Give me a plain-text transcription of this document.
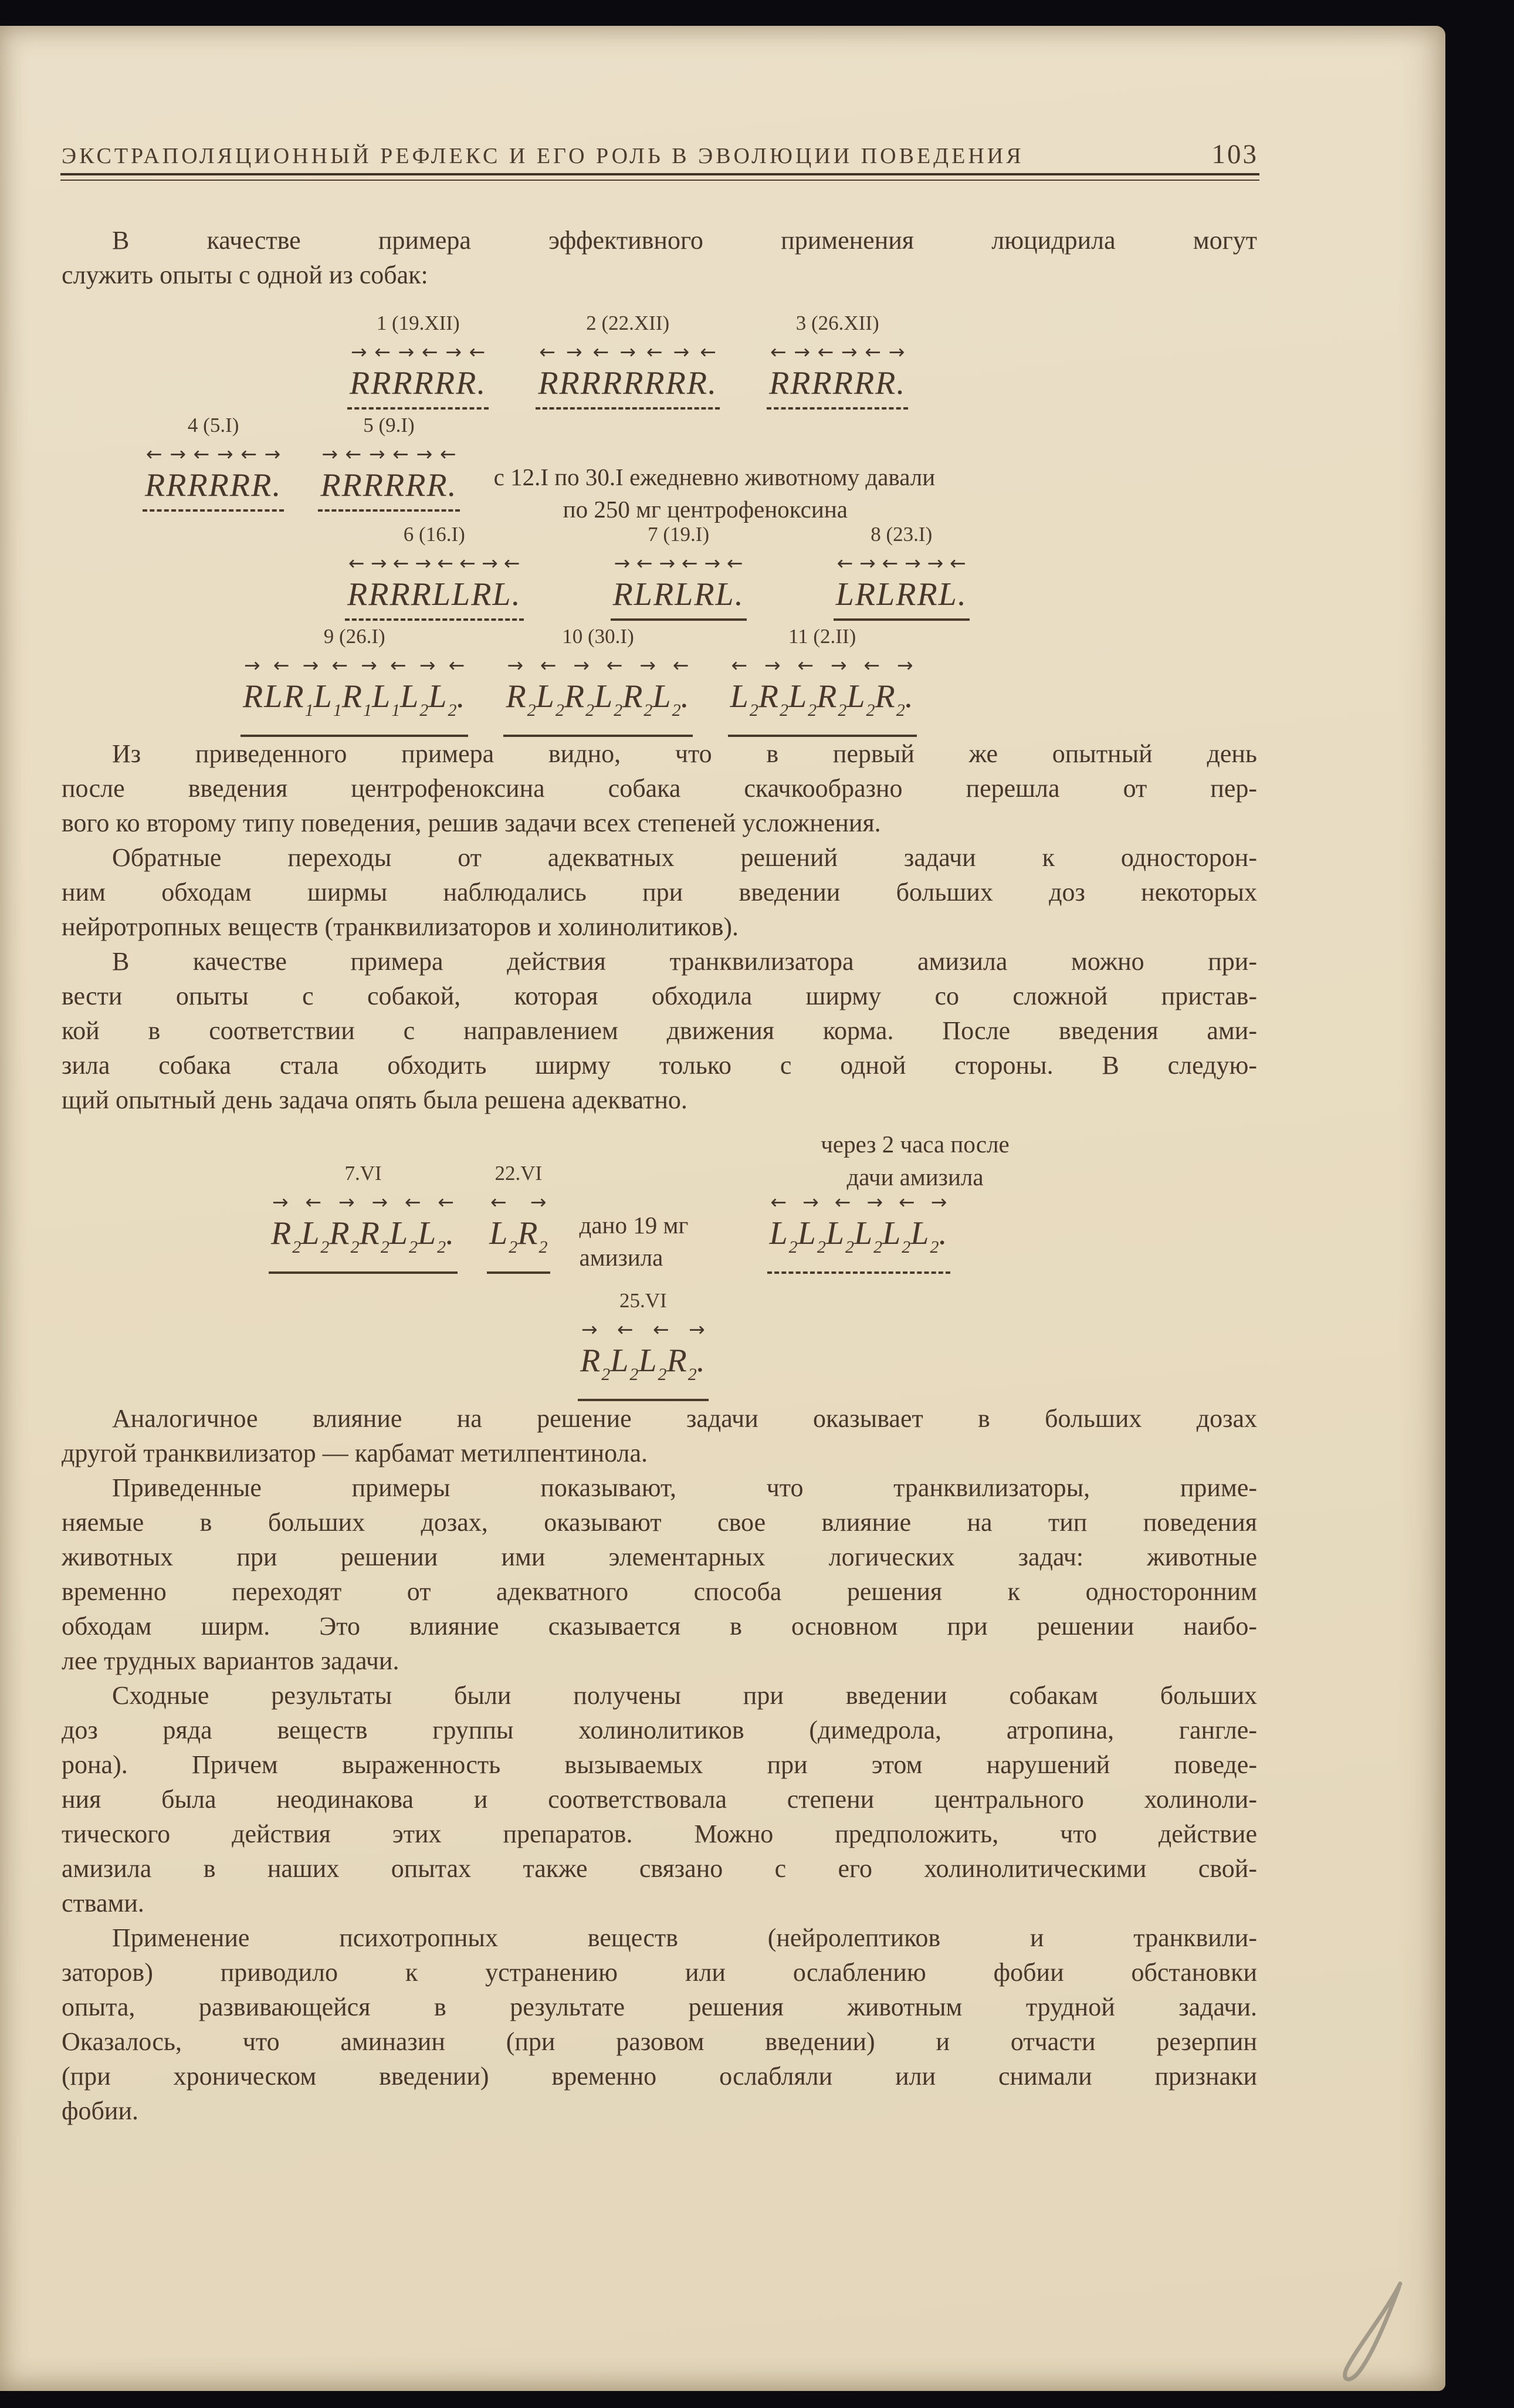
ЭКСТРАПОЛЯЦИОННЫЙ РЕФЛЕКС И ЕГО РОЛЬ В ЭВОЛЮЦИИ ПОВЕДЕНИЯ	103
В качестве примера эффективного применения люцидрила могут
служить опыты с одной из собак:
1 (19.XII)
→ ← → ← → ←
RRRRRR.
2 (22.XII)
← → ← → ← → ←
RRRRRRRR.
3 (26.XII)
← → ← → ← →
RRRRRR.
4 (5.I)
← → ← → ← →
RRRRRR.
5 (9.I)
→ ← → ← → ←
RRRRRR. с 12.I по 30.I ежедневно животному давали
по 250 мг центрофеноксина
6 (16.I)
← → ← → ← ← → ←
RRRRLLRL.
7 (19.I)
→ ← → ← → ←
RLRLRL.
8 (23.I)
← → ← → → ←
LRLRRL.
9 (26.I)
→ ← → ← → ← → ←
$RLR_1L_1R_1L_1L_2L_2$.
10 (30.I)
→ ← → ← → ←
$R_2L_2R_2L_2R_2L_2$.
11 (2.II)
← → ← → ← →
$L_2R_2L_2R_2L_2R_2$.
Из приведенного примера видно, что в первый же опытный день
после введения центрофеноксина собака скачкообразно перешла от пер-
вого ко второму типу поведения, решив задачи всех степеней усложнения.
Обратные переходы от адекватных решений задачи к односторон-
ним обходам ширмы наблюдались при введении больших доз некоторых
нейротропных веществ (транквилизаторов и холинолитиков).
В качестве примера действия транквилизатора амизила можно при-
вести опыты с собакой, которая обходила ширму со сложной пристав-
кой в соответствии с направлением движения корма. После введения ами-
зила собака стала обходить ширму только с одной стороны. В следую-
щий опытный день задача опять была решена адекватно.
через 2 часа после
дачи амизила
7.VI
→ ← → → ← ←
$R_2L_2R_2R_2L_2L_2$.
22.VI
← →
$L_2R_2$
дано 19 мг
амизила
← → ← → ← →
$L_2L_2L_2L_2L_2L_2$.
25.VI
→ ← ← →
$R_2L_2L_2R_2$.
Аналогичное влияние на решение задачи оказывает в больших дозах
другой транквилизатор — карбамат метилпентинола.
Приведенные примеры показывают, что транквилизаторы, приме-
няемые в больших дозах, оказывают свое влияние на тип поведения
животных при решении ими элементарных логических задач: животные
временно переходят от адекватного способа решения к односторонним
обходам ширм. Это влияние сказывается в основном при решении наибо-
лее трудных вариантов задачи.
Сходные результаты были получены при введении собакам больших
доз ряда веществ группы холинолитиков (димедрола, атропина, гангле-
рона). Причем выраженность вызываемых при этом нарушений поведе-
ния была неодинакова и соответствовала степени центрального холиноли-
тического действия этих препаратов. Можно предположить, что действие
амизила в наших опытах также связано с его холинолитическими свой-
ствами.
Применение психотропных веществ (нейролептиков и транквили-
заторов) приводило к устранению или ослаблению фобии обстановки
опыта, развивающейся в результате решения животным трудной задачи.
Оказалось, что аминазин (при разовом введении) и отчасти резерпин
(при хроническом введении) временно ослабляли или снимали признаки
фобии.
